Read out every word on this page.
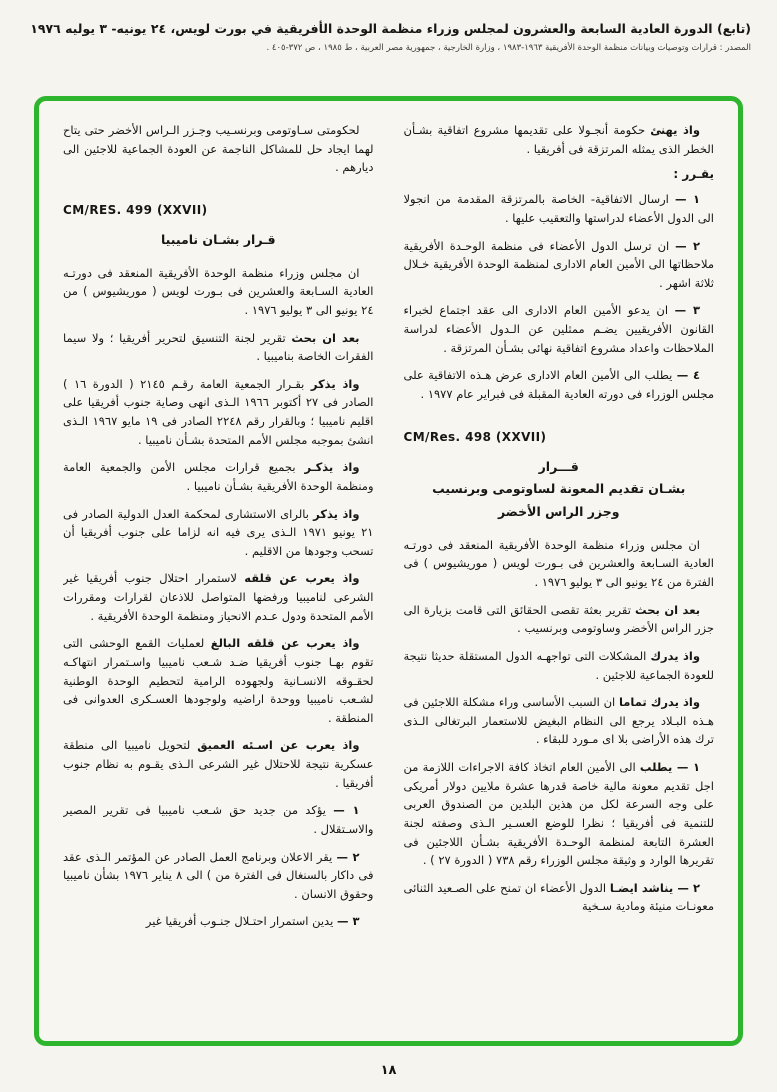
(تابع) الدورة العادية السابعة والعشرون لمجلس وزراء منظمة الوحدة الأفريقية في بورت لويس، ٢٤ يونيه- ٣ يوليه ١٩٧٦
المصدر : قرارات وتوصيات وبيانات منظمة الوحدة الأفريقية ١٩٦٣-١٩٨٣ ، وزارة الخارجية ، جمهورية مصر العربية ، ط ١٩٨٥ ، ص ٣٧٢-٤٠٥ .

واذ يهنئ حكومة أنجـولا على تقديمها مشروع اتفاقية بشـأن الخطر الذى يمثله المرتزقة فى أفريقيا .

يقـرر :

١ — ارسال الاتفاقية- الخاصة بالمرتزقة المقدمة من انجولا الى الدول الأعضاء لدراستها والتعقيب عليها .

٢ — ان ترسل الدول الأعضاء فى منظمة الوحـدة الأفريقية ملاحظاتها الى الأمين العام الادارى لمنظمة الوحدة الأفريقية خـلال ثلاثة اشهر .

٣ — ان يدعو الأمين العام الادارى الى عقد اجتماع لخبراء القانون الأفريقيين يضـم ممثلين عن الـدول الأعضاء لدراسة الملاحظات واعداد مشروع اتفاقية نهائى بشـأن المرتزقة .

٤ — يطلب الى الأمين العام الادارى عرض هـذه الاتفاقية على مجلس الوزراء فى دورته العادية المقبلة فى فبراير عام ١٩٧٧ .

CM/Res. 498 (XXVII)

قـــرار

بشـان تقديم المعونة لساوتومى وبرنسيب

وجزر الراس الأخضر

ان مجلس وزراء منظمة الوحدة الأفريقية المنعقد فى دورتـه العادية السـابعة والعشرين فى بـورت لويس ( موريشيوس ) فى الفترة من ٢٤ يونيو الى ٣ يوليو ١٩٧٦ .

بعد ان بحث تقرير بعثة تقصى الحقائق التى قامت بزيارة الى جزر الراس الأخضر وساوتومى وبرنسيب .

واذ يدرك المشكلات التى تواجهـه الدول المستقلة حديثا نتيجة للعودة الجماعية للاجئين .

واذ يدرك تماما ان السبب الأساسى وراء مشكلة اللاجئين فى هـذه البـلاد يرجع الى النظام البغيض للاستعمار البرتغالى الـذى ترك هذه الأراضى بلا اى مـورد للبقاء .

١ — يطلب الى الأمين العام اتخاذ كافة الاجراءات اللازمة من اجل تقديم معونة مالية خاصة قدرها عشرة ملايين دولار أمريكى على وجه السرعة لكل من هذين البلدين من الصندوق العربى للتنمية فى أفريقيا ؛ نظرا للوضع العسـير الـذى وصفته لجنة العشرة التابعة لمنظمة الوحـدة الأفريقية بشـأن اللاجئين فى تقريرها الوارد و وثيقة مجلس الوزراء رقم ٧٣٨ ( الدورة ٢٧ ) .

٢ — يناشد ايضـا الدول الأعضاء ان تمنح على الصـعيد الثنائى معونـات منيئة ومادية سـخية

لحكومتى سـاوتومى وبرنسـيب وجـزر الـراس الأخضر حتى يتاح لهما ايجاد حل للمشاكل الناجمة عن العودة الجماعية للاجئين الى ديارهم .

CM/RES. 499 (XXVII)

قـرار بشـان ناميبيا

ان مجلس وزراء منظمة الوحدة الأفريقية المنعقد فى دورتـه العادية السـابعة والعشرين فى بـورت لويس ( موريشيوس ) من ٢٤ يونيو الى ٣ يوليو ١٩٧٦ .

بعد ان بحث تقرير لجنة التنسيق لتحرير أفريقيا ؛ ولا سيما الفقرات الخاصة بناميبيا .

واذ يذكر بقـرار الجمعية العامة رقـم ٢١٤٥ ( الدورة ١٦ ) الصادر فى ٢٧ أكتوبر ١٩٦٦ الـذى انهى وصاية جنوب أفريقيا على اقليم ناميبيا ؛ وبالقرار رقم ٢٢٤٨ الصادر فى ١٩ مايو ١٩٦٧ الـذى انشئ بموجبه مجلس الأمم المتحدة بشـأن ناميبيا .

واذ يذكـر بجميع قرارات مجلس الأمن والجمعية العامة ومنظمة الوحدة الأفريقية بشـأن ناميبيا .

واذ يذكر بالراى الاستشارى لمحكمة العدل الدولية الصادر فى ٢١ يونيو ١٩٧١ الـذى يرى فيه انه لزاما على جنوب أفريقيا أن تسحب وجودها من الاقليم .

واذ يعرب عن قلقه لاستمرار احتلال جنوب أفريقيا غير الشرعى لناميبيا ورفضها المتواصل للاذعان لقرارات ومقررات الأمم المتحدة ودول عـدم الانحياز ومنظمة الوحدة الأفريقية .

واذ يعرب عن قلقه البالغ لعمليات القمع الوحشى التى تقوم بهـا جنوب أفريقيا ضـد شـعب ناميبيا واسـتمرار انتهاكـه لحقـوقه الانسـانية ولجهوده الرامية لتحطيم الوحدة الوطنية لشـعب ناميبيا ووحدة اراضيه ولوجودها العسـكرى العدوانى فى المنطقة .

واذ يعرب عن اسـئه العميق لتحويل ناميبيا الى منطقة عسكرية نتيجة للاحتلال غير الشرعى الـذى يقـوم به نظام جنوب أفريقيا .

١ — يؤكد من جديد حق شـعب ناميبيا فى تقرير المصير والاسـتقلال .

٢ — يقر الاعلان وبرنامج العمل الصادر عن المؤتمر الـذى عقد فى داكار بالسنغال فى الفترة من ) الى ٨ يناير ١٩٧٦ بشأن ناميبيا وحقوق الانسان .

٣ — يدين استمرار احتـلال جنـوب أفريقيا غير

١٨
